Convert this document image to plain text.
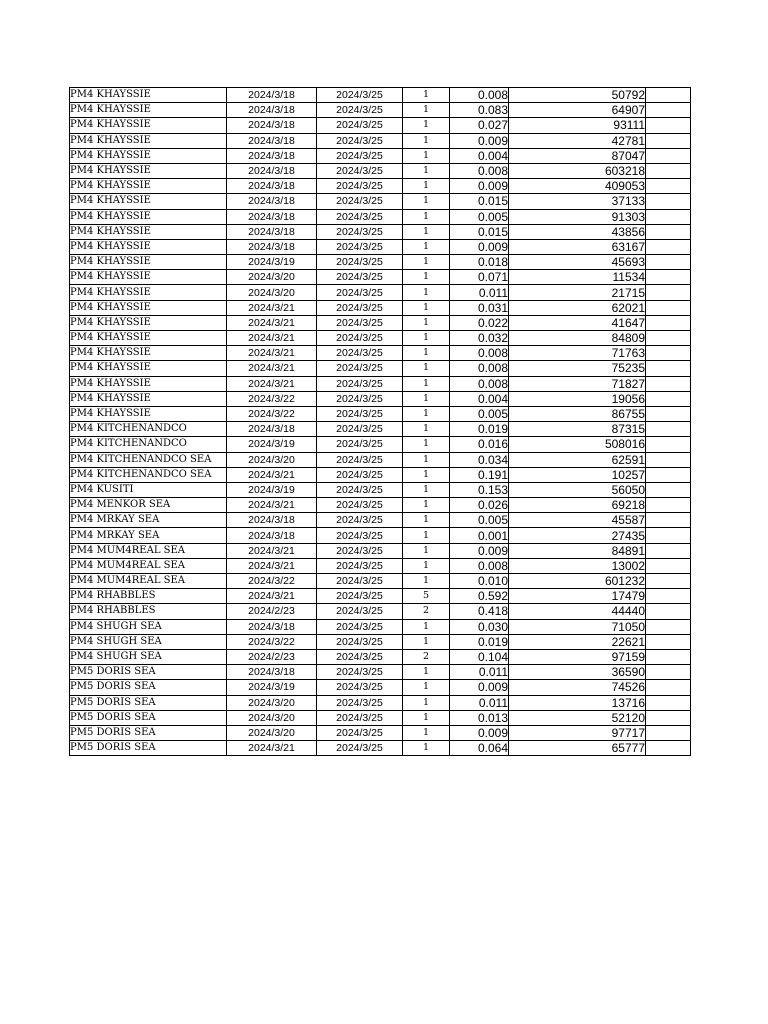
PM4 KHAYSSIE	2024/3/18	2024/3/25	1	0.008	50792	
PM4 KHAYSSIE	2024/3/18	2024/3/25	1	0.083	64907	
PM4 KHAYSSIE	2024/3/18	2024/3/25	1	0.027	93111	
PM4 KHAYSSIE	2024/3/18	2024/3/25	1	0.009	42781	
PM4 KHAYSSIE	2024/3/18	2024/3/25	1	0.004	87047	
PM4 KHAYSSIE	2024/3/18	2024/3/25	1	0.008	603218	
PM4 KHAYSSIE	2024/3/18	2024/3/25	1	0.009	409053	
PM4 KHAYSSIE	2024/3/18	2024/3/25	1	0.015	37133	
PM4 KHAYSSIE	2024/3/18	2024/3/25	1	0.005	91303	
PM4 KHAYSSIE	2024/3/18	2024/3/25	1	0.015	43856	
PM4 KHAYSSIE	2024/3/18	2024/3/25	1	0.009	63167	
PM4 KHAYSSIE	2024/3/19	2024/3/25	1	0.018	45693	
PM4 KHAYSSIE	2024/3/20	2024/3/25	1	0.071	11534	
PM4 KHAYSSIE	2024/3/20	2024/3/25	1	0.011	21715	
PM4 KHAYSSIE	2024/3/21	2024/3/25	1	0.031	62021	
PM4 KHAYSSIE	2024/3/21	2024/3/25	1	0.022	41647	
PM4 KHAYSSIE	2024/3/21	2024/3/25	1	0.032	84809	
PM4 KHAYSSIE	2024/3/21	2024/3/25	1	0.008	71763	
PM4 KHAYSSIE	2024/3/21	2024/3/25	1	0.008	75235	
PM4 KHAYSSIE	2024/3/21	2024/3/25	1	0.008	71827	
PM4 KHAYSSIE	2024/3/22	2024/3/25	1	0.004	19056	
PM4 KHAYSSIE	2024/3/22	2024/3/25	1	0.005	86755	
PM4 KITCHENANDCO	2024/3/18	2024/3/25	1	0.019	87315	
PM4 KITCHENANDCO	2024/3/19	2024/3/25	1	0.016	508016	
PM4 KITCHENANDCO SEA	2024/3/20	2024/3/25	1	0.034	62591	
PM4 KITCHENANDCO SEA	2024/3/21	2024/3/25	1	0.191	10257	
PM4 KUSITI	2024/3/19	2024/3/25	1	0.153	56050	
PM4 MENKOR SEA	2024/3/21	2024/3/25	1	0.026	69218	
PM4 MRKAY SEA	2024/3/18	2024/3/25	1	0.005	45587	
PM4 MRKAY SEA	2024/3/18	2024/3/25	1	0.001	27435	
PM4 MUM4REAL SEA	2024/3/21	2024/3/25	1	0.009	84891	
PM4 MUM4REAL SEA	2024/3/21	2024/3/25	1	0.008	13002	
PM4 MUM4REAL SEA	2024/3/22	2024/3/25	1	0.010	601232	
PM4 RHABBLES	2024/3/21	2024/3/25	5	0.592	17479	
PM4 RHABBLES	2024/2/23	2024/3/25	2	0.418	44440	
PM4 SHUGH SEA	2024/3/18	2024/3/25	1	0.030	71050	
PM4 SHUGH SEA	2024/3/22	2024/3/25	1	0.019	22621	
PM4 SHUGH SEA	2024/2/23	2024/3/25	2	0.104	97159	
PM5 DORIS SEA	2024/3/18	2024/3/25	1	0.011	36590	
PM5 DORIS SEA	2024/3/19	2024/3/25	1	0.009	74526	
PM5 DORIS SEA	2024/3/20	2024/3/25	1	0.011	13716	
PM5 DORIS SEA	2024/3/20	2024/3/25	1	0.013	52120	
PM5 DORIS SEA	2024/3/20	2024/3/25	1	0.009	97717	
PM5 DORIS SEA	2024/3/21	2024/3/25	1	0.064	65777	
